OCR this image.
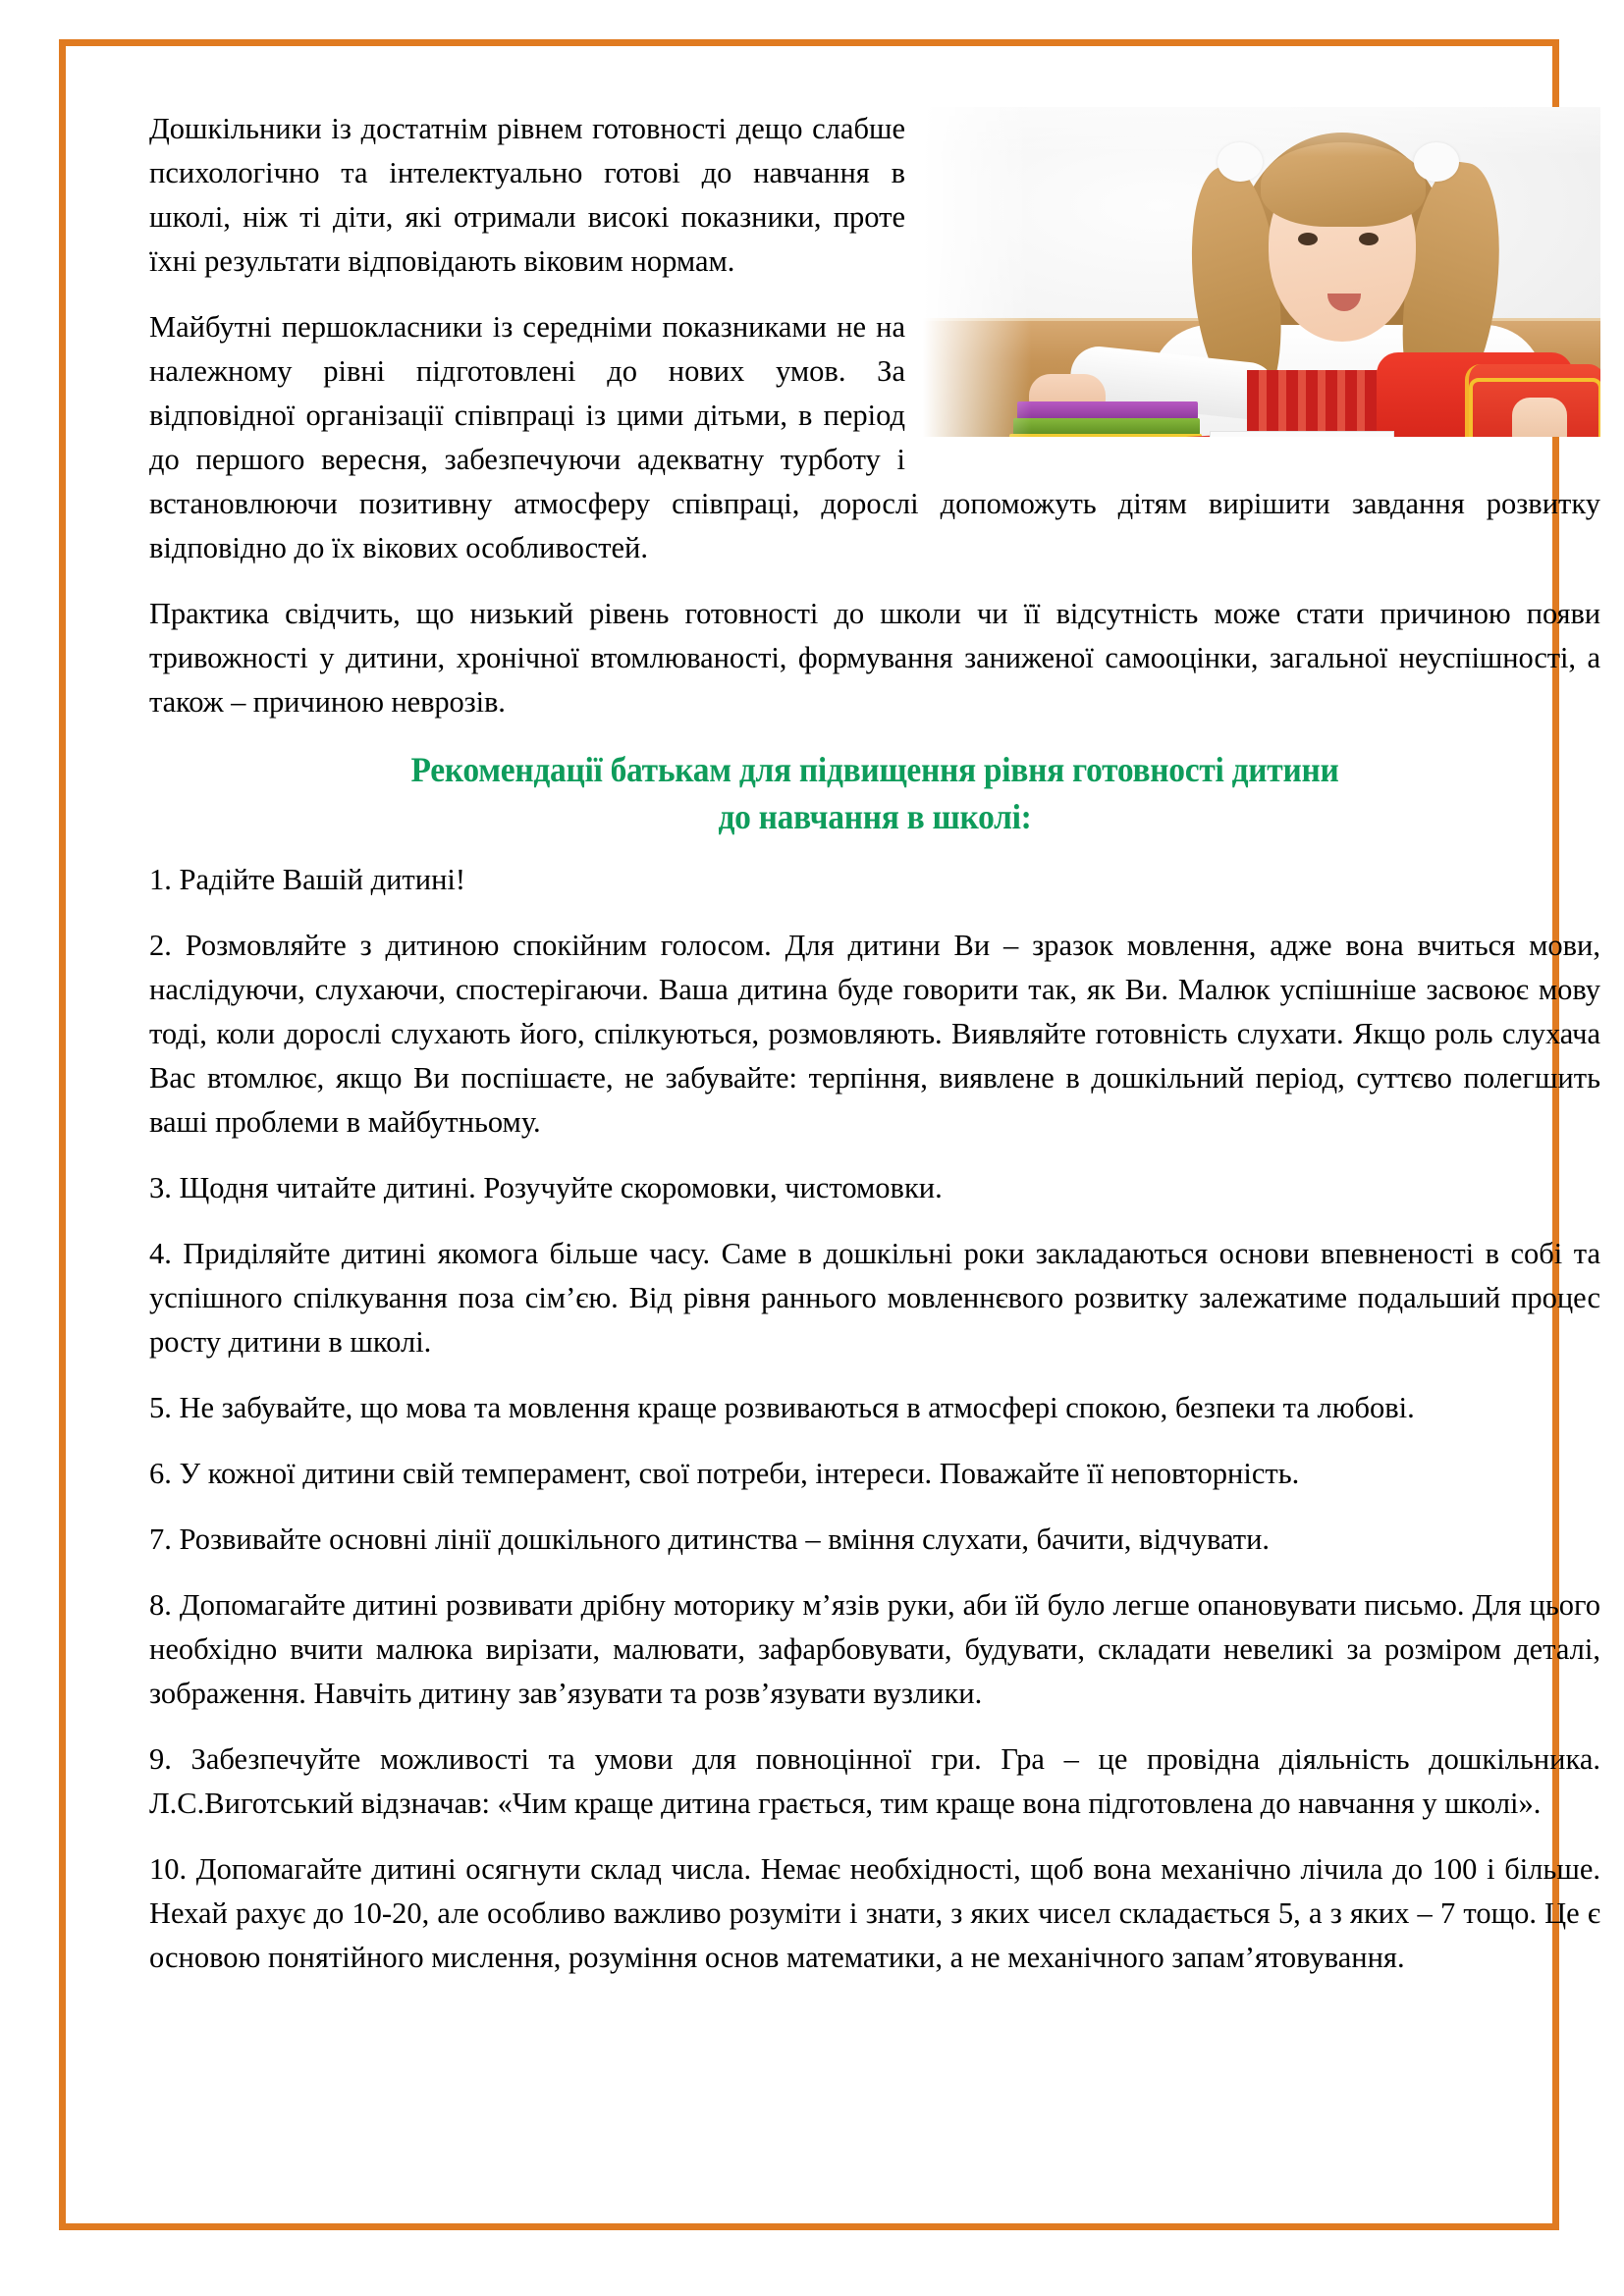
Дошкільники із достатнім рівнем готовності дещо слабше психологічно та інтелектуально готові до навчання в школі, ніж ті діти, які отримали високі показники, проте їхні результати відповідають віковим нормам.

Майбутні першокласники із середніми показниками не на належному рівні підготовлені до нових умов. За відповідної організації співпраці із цими дітьми, в період до першого вересня, забезпечуючи адекватну турботу і встановлюючи позитивну атмосферу співпраці, дорослі допоможуть дітям вирішити завдання розвитку відповідно до їх вікових особливостей.

Практика свідчить, що низький рівень готовності до школи чи її відсутність може стати причиною появи тривожності у дитини, хронічної втомлюваності, формування заниженої самооцінки, загальної неуспішності, а також – причиною неврозів.

Рекомендації батькам для підвищення рівня готовності дитини
до навчання в школі:

1. Радійте Вашій дитині!

2. Розмовляйте з дитиною спокійним голосом. Для дитини Ви – зразок мовлення, адже вона вчиться мови, наслідуючи, слухаючи, спостерігаючи. Ваша дитина буде говорити так, як Ви. Малюк успішніше засвоює мову тоді, коли дорослі слухають його, спілкуються, розмовляють. Виявляйте готовність слухати. Якщо роль слухача Вас втомлює, якщо Ви поспішаєте, не забувайте: терпіння, виявлене в дошкільний період, суттєво полегшить ваші проблеми в майбутньому.

3. Щодня читайте дитині. Розучуйте скоромовки, чистомовки.

4. Приділяйте дитині якомога більше часу. Саме в дошкільні роки закладаються основи впевненості в собі та успішного спілкування поза сім’єю. Від рівня раннього мовленнєвого розвитку залежатиме подальший процес росту дитини в школі.

5. Не забувайте, що мова та мовлення краще розвиваються в атмосфері спокою, безпеки та любові.

6. У кожної дитини свій темперамент, свої потреби, інтереси. Поважайте її неповторність.

7. Розвивайте основні лінії дошкільного дитинства – вміння слухати, бачити, відчувати.

8. Допомагайте дитині розвивати дрібну моторику м’язів руки, аби їй було легше опановувати письмо. Для цього необхідно вчити малюка вирізати, малювати, зафарбовувати, будувати, складати невеликі за розміром деталі, зображення. Навчіть дитину зав’язувати та розв’язувати вузлики.

9. Забезпечуйте можливості та умови для повноцінної гри. Гра – це провідна діяльність дошкільника. Л.С.Виготський відзначав: «Чим краще дитина грається, тим краще вона підготовлена до навчання у школі».

10. Допомагайте дитині осягнути склад числа. Немає необхідності, щоб вона механічно лічила до 100 і більше. Нехай рахує до 10-20, але особливо важливо розуміти і знати, з яких чисел складається 5, а з яких – 7 тощо. Це є основою понятійного мислення, розуміння основ математики, а не механічного запам’ятовування.
